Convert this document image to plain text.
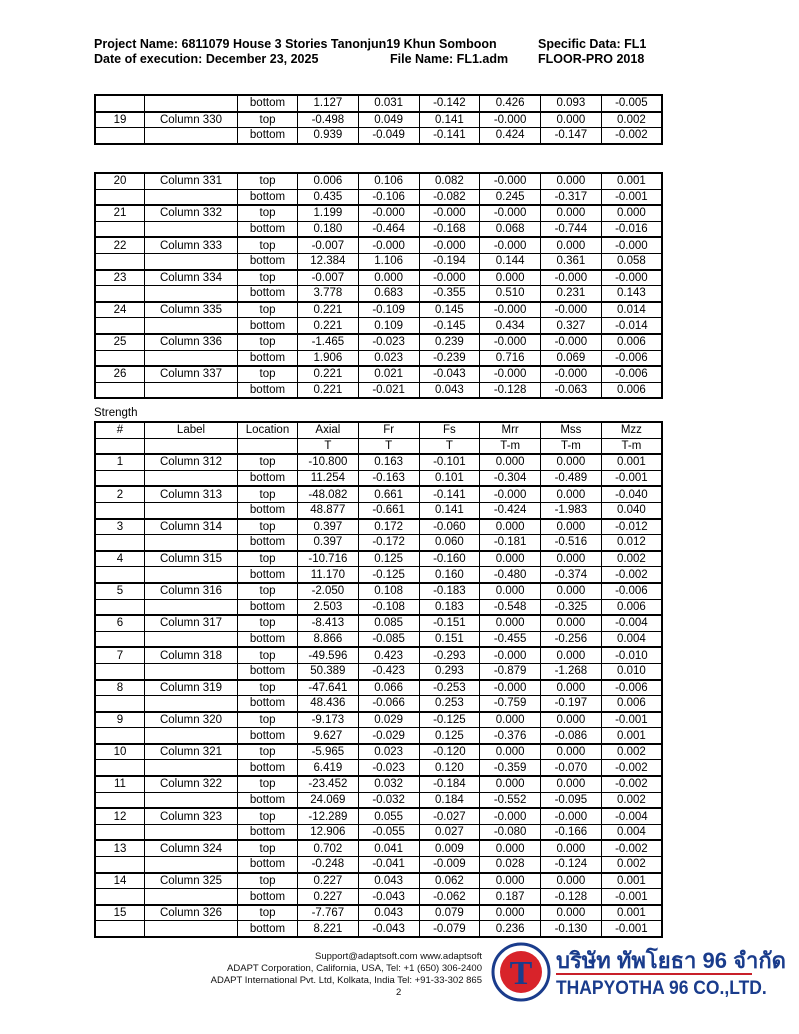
Project Name: 6811079 House 3 Stories Tanonjun19 Khun Somboon	Specific Data: FL1
Date of execution: December 23, 2025	File Name: FL1.adm FLOOR-PRO 2018
		bottom	1.127	0.031	-0.142	0.426	0.093	-0.005
19	Column 330	top	-0.498	0.049	0.141	-0.000	0.000	0.002
		bottom	0.939	-0.049	-0.141	0.424	-0.147	-0.002
20	Column 331	top	0.006	0.106	0.082	-0.000	0.000	0.001
		bottom	0.435	-0.106	-0.082	0.245	-0.317	-0.001
21	Column 332	top	1.199	-0.000	-0.000	-0.000	0.000	0.000
		bottom	0.180	-0.464	-0.168	0.068	-0.744	-0.016
22	Column 333	top	-0.007	-0.000	-0.000	-0.000	0.000	-0.000
		bottom	12.384	1.106	-0.194	0.144	0.361	0.058
23	Column 334	top	-0.007	0.000	-0.000	0.000	-0.000	-0.000
		bottom	3.778	0.683	-0.355	0.510	0.231	0.143
24	Column 335	top	0.221	-0.109	0.145	-0.000	-0.000	0.014
		bottom	0.221	0.109	-0.145	0.434	0.327	-0.014
25	Column 336	top	-1.465	-0.023	0.239	-0.000	-0.000	0.006
		bottom	1.906	0.023	-0.239	0.716	0.069	-0.006
26	Column 337	top	0.221	0.021	-0.043	-0.000	-0.000	-0.006
		bottom	0.221	-0.021	0.043	-0.128	-0.063	0.006
Strength
#	Label	Location	Axial	Fr	Fs	Mrr	Mss	Mzz
			T	T	T	T-m	T-m	T-m
1	Column 312	top	-10.800	0.163	-0.101	0.000	0.000	0.001
		bottom	11.254	-0.163	0.101	-0.304	-0.489	-0.001
2	Column 313	top	-48.082	0.661	-0.141	-0.000	0.000	-0.040
		bottom	48.877	-0.661	0.141	-0.424	-1.983	0.040
3	Column 314	top	0.397	0.172	-0.060	0.000	0.000	-0.012
		bottom	0.397	-0.172	0.060	-0.181	-0.516	0.012
4	Column 315	top	-10.716	0.125	-0.160	0.000	0.000	0.002
		bottom	11.170	-0.125	0.160	-0.480	-0.374	-0.002
5	Column 316	top	-2.050	0.108	-0.183	0.000	0.000	-0.006
		bottom	2.503	-0.108	0.183	-0.548	-0.325	0.006
6	Column 317	top	-8.413	0.085	-0.151	0.000	0.000	-0.004
		bottom	8.866	-0.085	0.151	-0.455	-0.256	0.004
7	Column 318	top	-49.596	0.423	-0.293	-0.000	0.000	-0.010
		bottom	50.389	-0.423	0.293	-0.879	-1.268	0.010
8	Column 319	top	-47.641	0.066	-0.253	-0.000	0.000	-0.006
		bottom	48.436	-0.066	0.253	-0.759	-0.197	0.006
9	Column 320	top	-9.173	0.029	-0.125	0.000	0.000	-0.001
		bottom	9.627	-0.029	0.125	-0.376	-0.086	0.001
10	Column 321	top	-5.965	0.023	-0.120	0.000	0.000	0.002
		bottom	6.419	-0.023	0.120	-0.359	-0.070	-0.002
11	Column 322	top	-23.452	0.032	-0.184	0.000	0.000	-0.002
		bottom	24.069	-0.032	0.184	-0.552	-0.095	0.002
12	Column 323	top	-12.289	0.055	-0.027	-0.000	-0.000	-0.004
		bottom	12.906	-0.055	0.027	-0.080	-0.166	0.004
13	Column 324	top	0.702	0.041	0.009	0.000	0.000	-0.002
		bottom	-0.248	-0.041	-0.009	0.028	-0.124	0.002
14	Column 325	top	0.227	0.043	0.062	0.000	0.000	0.001
		bottom	0.227	-0.043	-0.062	0.187	-0.128	-0.001
15	Column 326	top	-7.767	0.043	0.079	0.000	0.000	0.001
		bottom	8.221	-0.043	-0.079	0.236	-0.130	-0.001
Support@adaptsoft.com www.adaptsoft
ADAPT Corporation, California, USA, Tel: +1 (650) 306-2400
ADAPT International Pvt. Ltd, Kolkata, India Tel: +91-33-302 865
2
T บริษัท ทัพโยธา 96 จำกัด
THAPYOTHA 96 CO.,LTD.
